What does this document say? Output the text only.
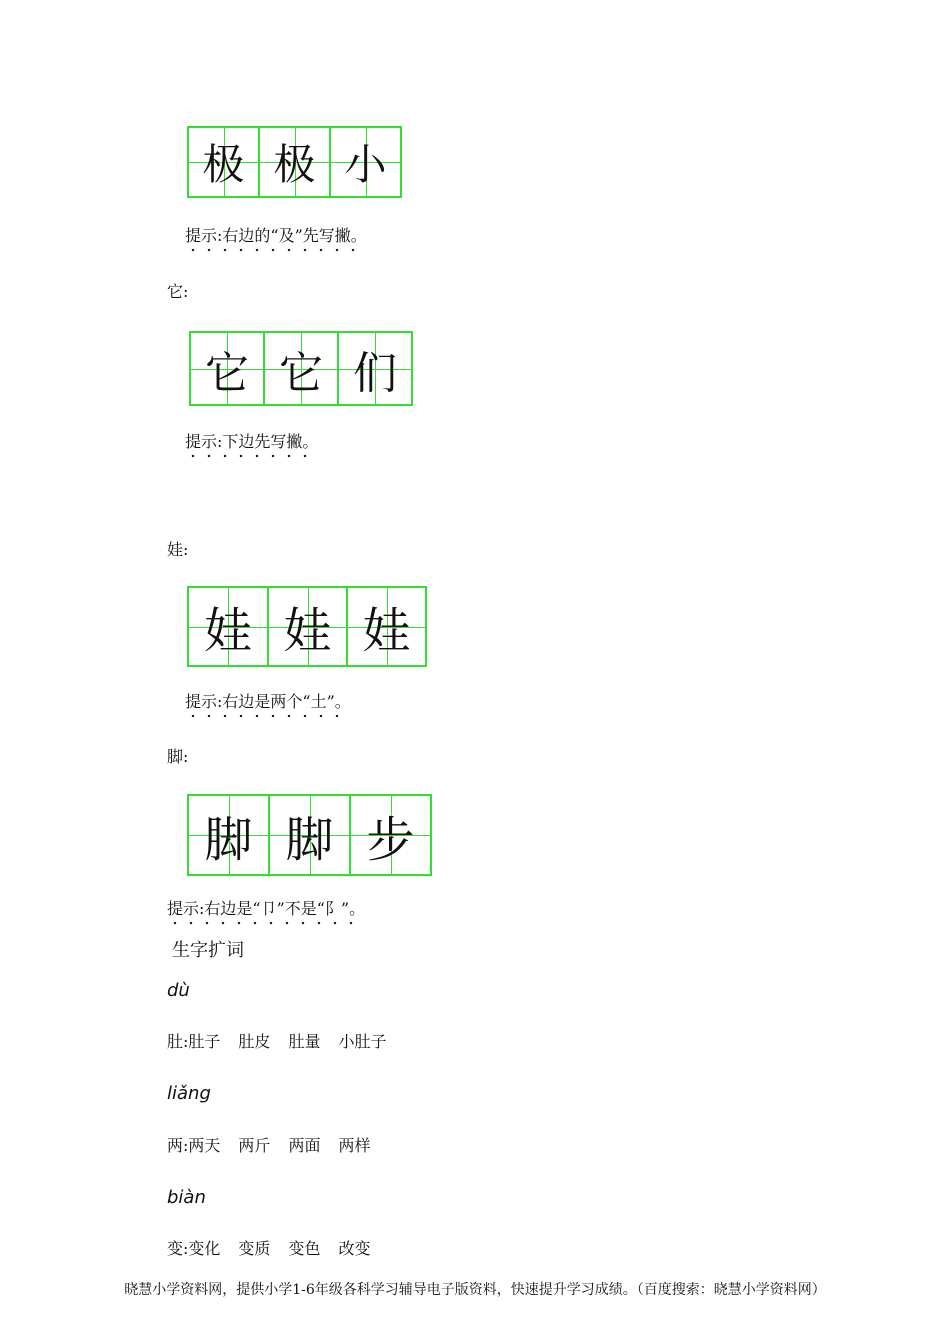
极 极 小
提示:右边的“及”先写撇。
它:
它 它 们
提示:下边先写撇。
娃:
娃 娃 娃
提示:右边是两个“土”。
脚:
脚 脚 步
提示:右边是“卩”不是“阝”。
生字扩词
dù
肚:肚子 肚皮 肚量 小肚子
liǎng
两:两天 两斤 两面 两样
biàn
变:变化 变质 变色 改变
晓慧小学资料网，提供小学1-6年级各科学习辅导电子版资料，快速提升学习成绩。（百度搜索：晓慧小学资料网）
